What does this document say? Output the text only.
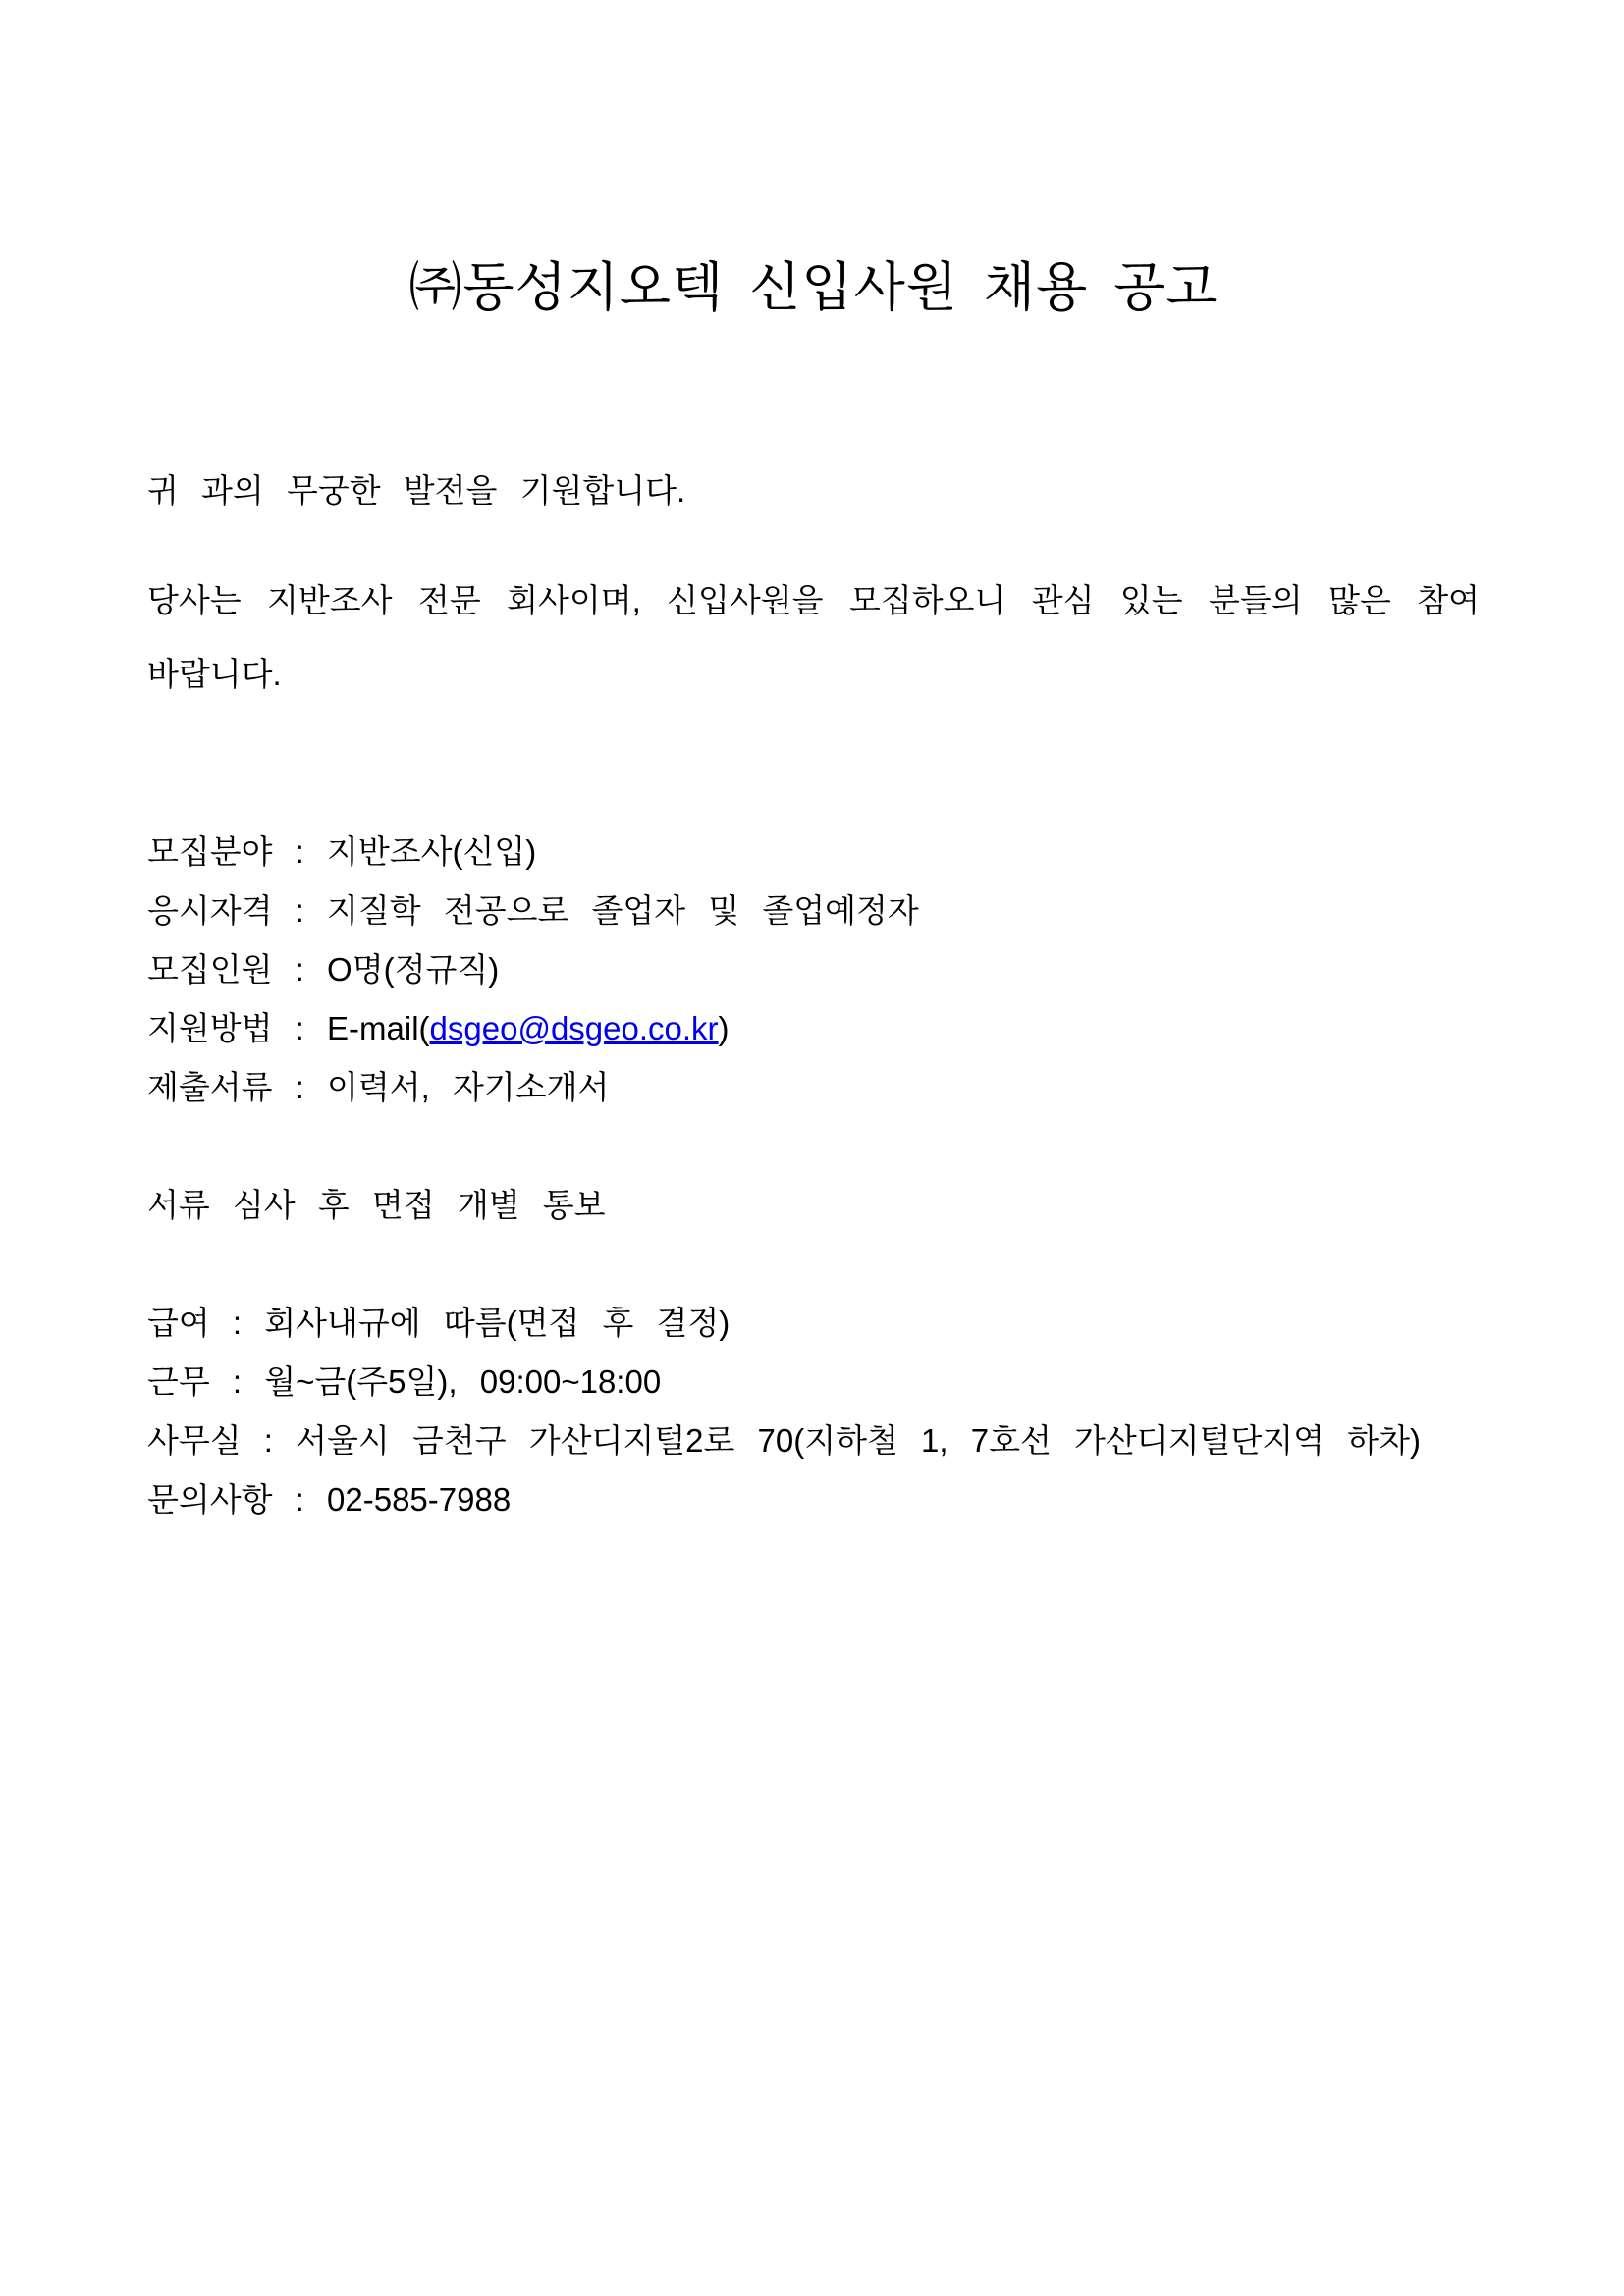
㈜동성지오텍 신입사원 채용 공고

귀 과의 무궁한 발전을 기원합니다.

당사는 지반조사 전문 회사이며, 신입사원을 모집하오니 관심 있는 분들의 많은 참여
바랍니다.
모집분야 : 지반조사(신입)
응시자격 : 지질학 전공으로 졸업자 및 졸업예정자
모집인원 : O명(정규직)
지원방법 : E-mail(dsgeo@dsgeo.co.kr)
제출서류 : 이력서, 자기소개서

서류 심사 후 면접 개별 통보

급여 : 회사내규에 따름(면접 후 결정)
근무 : 월~금(주5일), 09:00~18:00
사무실 : 서울시 금천구 가산디지털2로 70(지하철 1, 7호선 가산디지털단지역 하차)
문의사항 : 02-585-7988
